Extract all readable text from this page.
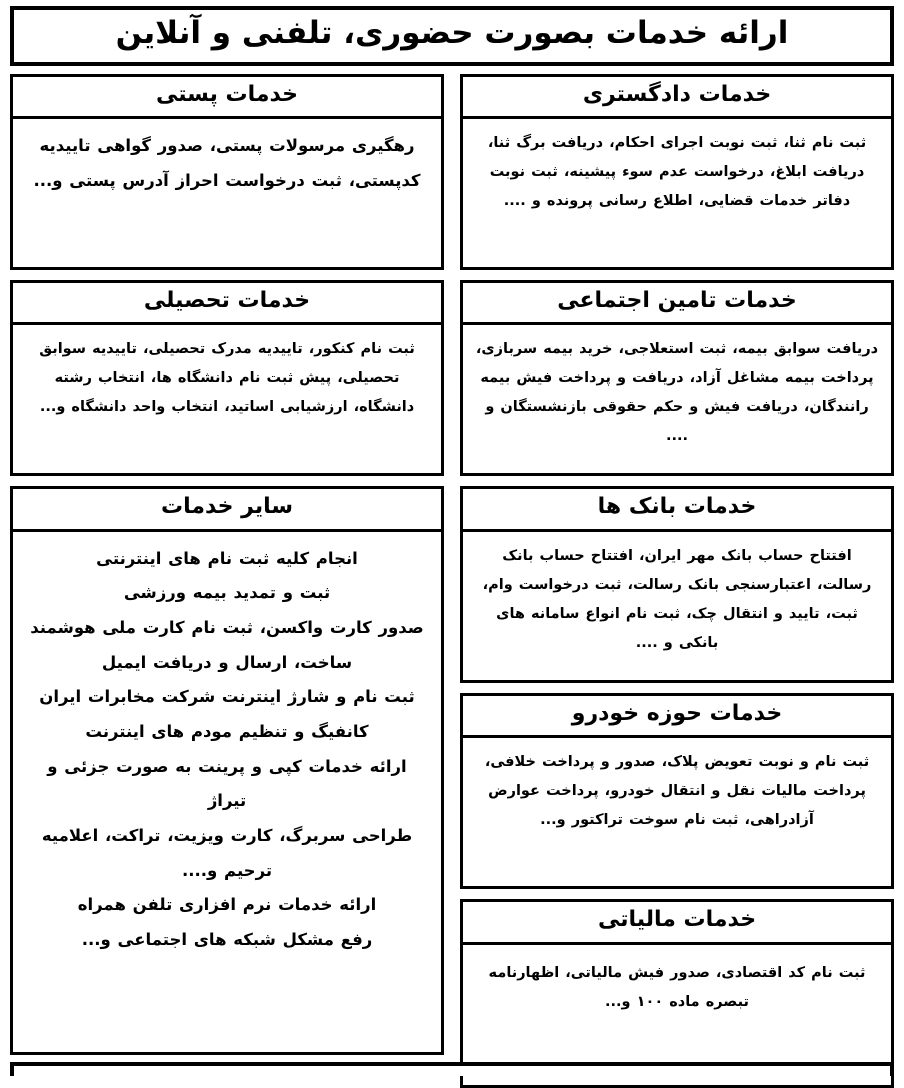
ارائه خدمات بصورت حضوری، تلفنی و آنلاین
خدمات دادگستری
ثبت نام ثنا، ثبت نوبت اجرای احکام، دریافت برگ ثنا، دریافت ابلاغ، درخواست عدم سوء پیشینه، ثبت نوبت دفاتر خدمات قضایی، اطلاع رسانی پرونده و ....
خدمات تامین اجتماعی
دریافت سوابق بیمه، ثبت استعلاجی، خرید بیمه سربازی، پرداخت بیمه مشاغل آزاد، دریافت و پرداخت فیش بیمه رانندگان، دریافت فیش و حکم حقوقی بازنشستگان و ....
خدمات بانک ها
افتتاح حساب بانک مهر ایران، افتتاح حساب بانک رسالت، اعتبارسنجی بانک رسالت، ثبت درخواست وام، ثبت، تایید و انتقال چک، ثبت نام انواع سامانه های بانکی و ....
خدمات حوزه خودرو
ثبت نام و نوبت تعویض پلاک، صدور و پرداخت خلافی، پرداخت مالیات نقل و انتقال خودرو، پرداخت عوارض آزادراهی، ثبت نام سوخت تراکتور و...
خدمات مالیاتی
ثبت نام کد اقتصادی، صدور فیش مالیاتی، اظهارنامه تبصره ماده ۱۰۰ و...
خدمات پستی
رهگیری مرسولات پستی، صدور گواهی تاییدیه کدپستی، ثبت درخواست احراز آدرس پستی و...
خدمات تحصیلی
ثبت نام کنکور، تاییدیه مدرک تحصیلی، تاییدیه سوابق تحصیلی، پیش ثبت نام دانشگاه ها، انتخاب رشته دانشگاه، ارزشیابی اساتید، انتخاب واحد دانشگاه و...
سایر خدمات
انجام کلیه ثبت نام های اینترنتی
ثبت و تمدید بیمه ورزشی
صدور کارت واکسن، ثبت نام کارت ملی هوشمند
ساخت، ارسال و دریافت ایمیل
ثبت نام و شارژ اینترنت شرکت مخابرات ایران
کانفیگ و تنظیم مودم های اینترنت
ارائه خدمات کپی و پرینت به صورت جزئی و تیراژ
طراحی سربرگ، کارت ویزیت، تراکت، اعلامیه ترحیم و....
ارائه خدمات نرم افزاری تلفن همراه
رفع مشکل شبکه های اجتماعی و...
